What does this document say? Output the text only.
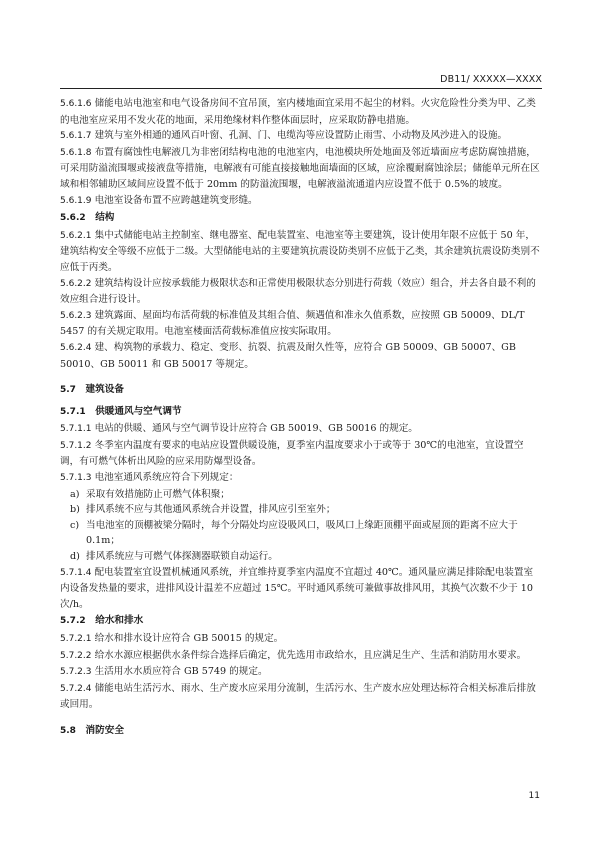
DB11/ XXXXX—XXXX

5.6.1.6 储能电站电池室和电气设备房间不宜吊顶，室内楼地面宜采用不起尘的材料。火灾危险性分类为甲、乙类的电池室应采用不发火花的地面，采用绝缘材料作整体面层时，应采取防静电措施。

5.6.1.7 建筑与室外相通的通风百叶窗、孔洞、门、电缆沟等应设置防止雨雪、小动物及风沙进入的设施。

5.6.1.8 布置有腐蚀性电解液几为非密闭结构电池的电池室内，电池模块所处地面及邻近墙面应考虑防腐蚀措施，可采用防溢流围堰或接液盘等措施，电解液有可能直接接触地面墙面的区域，应涂覆耐腐蚀涂层；储能单元所在区域和相邻辅助区域间应设置不低于 20mm 的防溢流围堰，电解液溢流通道内应设置不低于 0.5%的坡度。

5.6.1.9 电池室设备布置不应跨越建筑变形缝。

5.6.2  结构

5.6.2.1 集中式储能电站主控制室、继电器室、配电装置室、电池室等主要建筑，设计使用年限不应低于 50 年，建筑结构安全等级不应低于二级。大型储能电站的主要建筑抗震设防类别不应低于乙类，其余建筑抗震设防类别不应低于丙类。

5.6.2.2 建筑结构设计应按承载能力极限状态和正常使用极限状态分别进行荷载（效应）组合，并去各自最不利的效应组合进行设计。

5.6.2.3 建筑露面、屋面均布活荷载的标准值及其组合值、频遇值和准永久值系数，应按照 GB 50009、DL/T 5457 的有关规定取用。电池室楼面活荷载标准值应按实际取用。

5.6.2.4 建、构筑物的承载力、稳定、变形、抗裂、抗震及耐久性等，应符合 GB 50009、GB 50007、GB 50010、GB 50011 和 GB 50017 等规定。

5.7  建筑设备

5.7.1  供暖通风与空气调节

5.7.1.1 电站的供暖、通风与空气调节设计应符合 GB 50019、GB 50016 的规定。

5.7.1.2 冬季室内温度有要求的电站应设置供暖设施，夏季室内温度要求小于或等于 30℃的电池室，宜设置空调，有可燃气体析出风险的应采用防爆型设备。

5.7.1.3 电池室通风系统应符合下列规定：

a) 采取有效措施防止可燃气体积聚；

b) 排风系统不应与其他通风系统合并设置，排风应引至室外；

c) 当电池室的顶棚被梁分隔时，每个分隔处均应设吸风口，吸风口上缘距顶棚平面或屋顶的距离不应大于 0.1m；

d) 排风系统应与可燃气体探测器联锁自动运行。

5.7.1.4 配电装置室宜设置机械通风系统，并宜维持夏季室内温度不宜超过 40℃。通风量应满足排除配电装置室内设备发热量的要求，进排风设计温差不应超过 15℃。平时通风系统可兼做事故排风用，其换气次数不少于 10 次/h。

5.7.2  给水和排水

5.7.2.1 给水和排水设计应符合 GB 50015 的规定。

5.7.2.2 给水水源应根据供水条件综合选择后确定，优先选用市政给水，且应满足生产、生活和消防用水要求。

5.7.2.3 生活用水水质应符合 GB 5749 的规定。

5.7.2.4 储能电站生活污水、雨水、生产废水应采用分流制，生活污水、生产废水应处理达标符合相关标准后排放或回用。

5.8  消防安全

11
